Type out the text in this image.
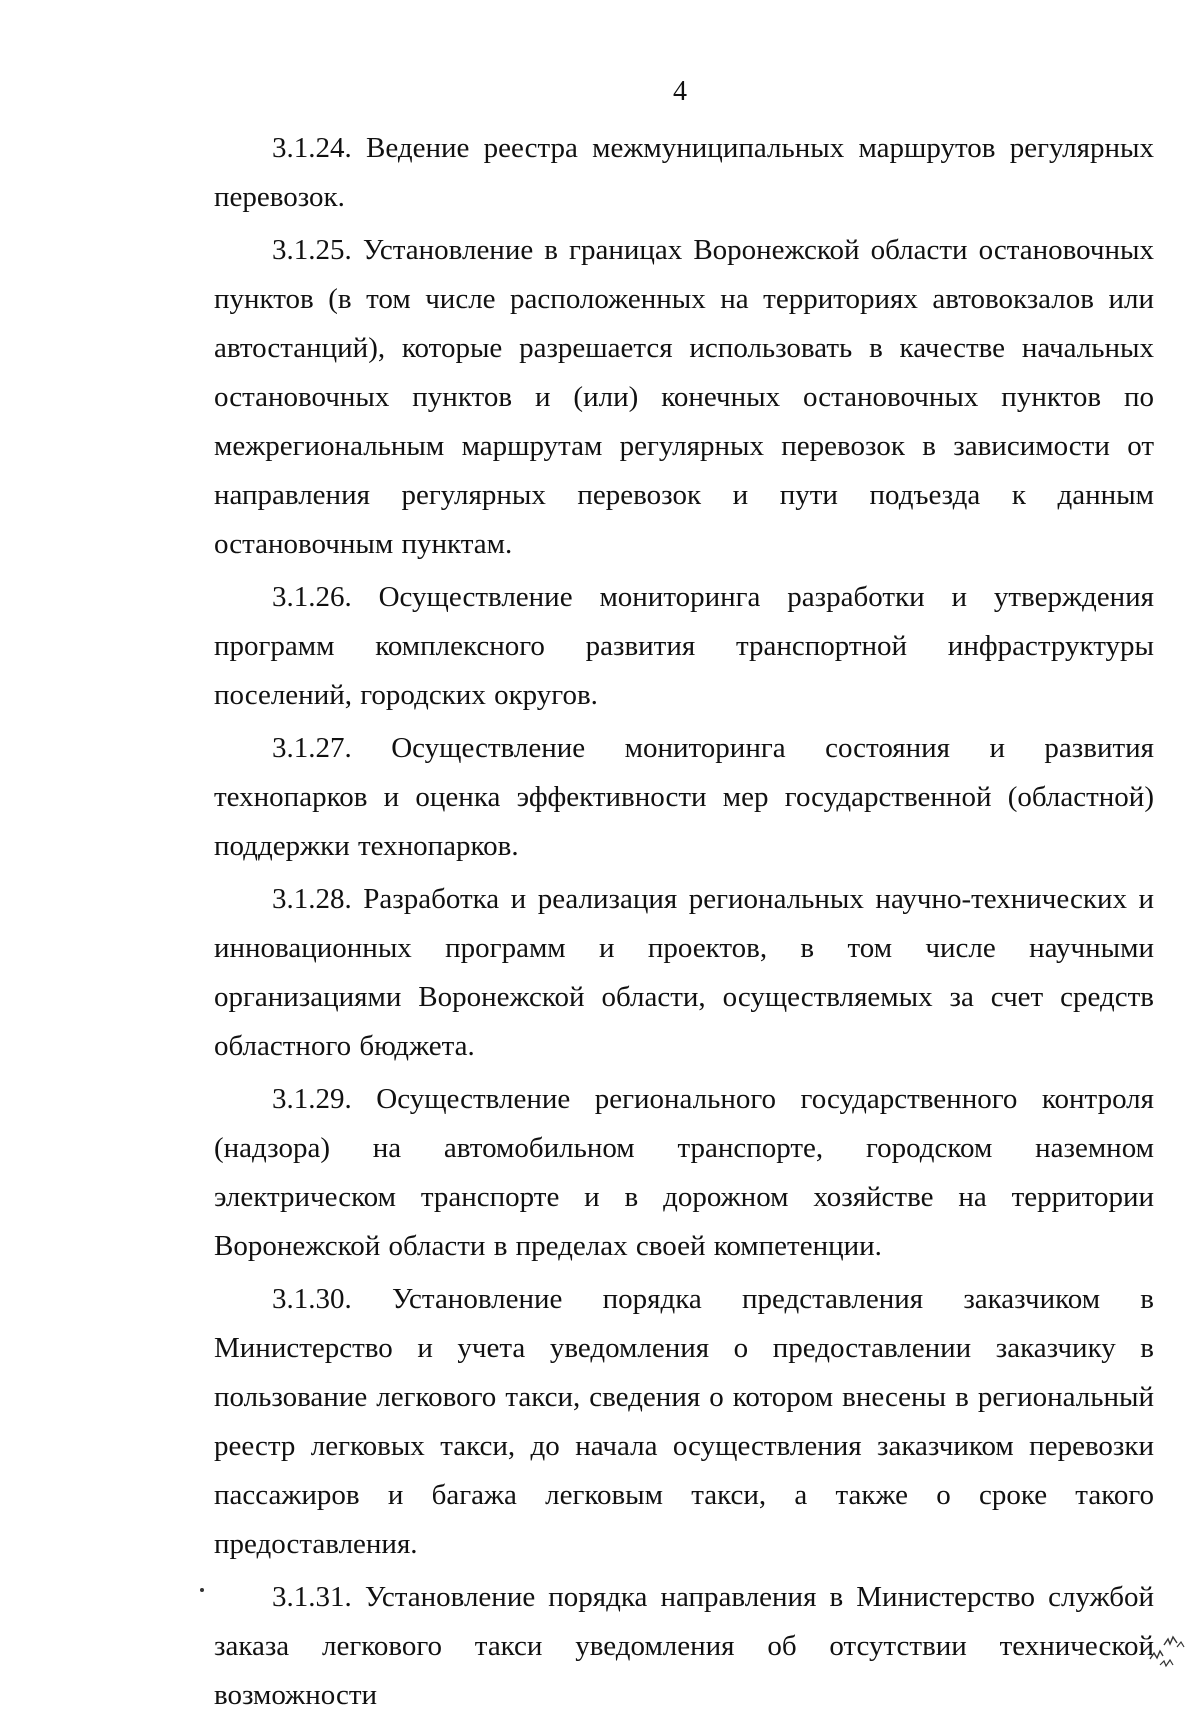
4

3.1.24. Ведение реестра межмуниципальных маршрутов регулярных перевозок.

3.1.25. Установление в границах Воронежской области остановочных пунктов (в том числе расположенных на территориях автовокзалов или автостанций), которые разрешается использовать в качестве начальных остановочных пунктов и (или) конечных остановочных пунктов по межрегиональным маршрутам регулярных перевозок в зависимости от направления регулярных перевозок и пути подъезда к данным остановочным пунктам.

3.1.26. Осуществление мониторинга разработки и утверждения программ комплексного развития транспортной инфраструктуры поселений, городских округов.

3.1.27. Осуществление мониторинга состояния и развития технопарков и оценка эффективности мер государственной (областной) поддержки технопарков.

3.1.28. Разработка и реализация региональных научно-технических и инновационных программ и проектов, в том числе научными организациями Воронежской области, осуществляемых за счет средств областного бюджета.

3.1.29. Осуществление регионального государственного контроля (надзора) на автомобильном транспорте, городском наземном электрическом транспорте и в дорожном хозяйстве на территории Воронежской области в пределах своей компетенции.

3.1.30. Установление порядка представления заказчиком в Министерство и учета уведомления о предоставлении заказчику в пользование легкового такси, сведения о котором внесены в региональный реестр легковых такси, до начала осуществления заказчиком перевозки пассажиров и багажа легковым такси, а также о сроке такого предоставления.

3.1.31. Установление порядка направления в Министерство службой заказа легкового такси уведомления об отсутствии технической возможности
